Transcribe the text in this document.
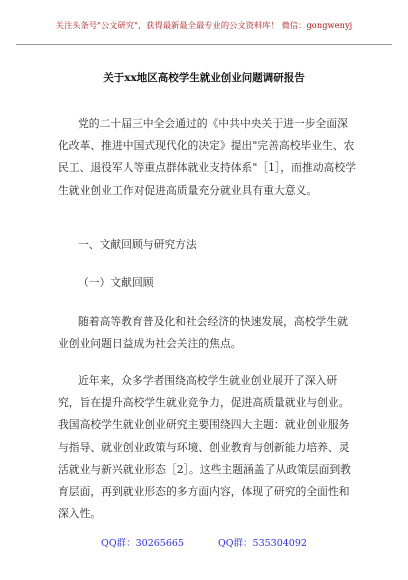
关注头条号"公文研究"，获得最新最全最专业的公文资料库！ 微信：gongwenyj
关于xx地区高校学生就业创业问题调研报告

党的二十届三中全会通过的《中共中央关于进一步全面深化改革、推进中国式现代化的决定》提出"完善高校毕业生、农民工、退役军人等重点群体就业支持体系"［1］，而推动高校学生就业创业工作对促进高质量充分就业具有重大意义。

一、文献回顾与研究方法

（一）文献回顾

随着高等教育普及化和社会经济的快速发展，高校学生就业创业问题日益成为社会关注的焦点。

近年来，众多学者围绕高校学生就业创业展开了深入研究，旨在提升高校学生就业竞争力，促进高质量就业与创业。我国高校学生就业创业研究主要围绕四大主题：就业创业服务与指导、就业创业政策与环境、创业教育与创新能力培养、灵活就业与新兴就业形态［2］。这些主题涵盖了从政策层面到教育层面，再到就业形态的多方面内容，体现了研究的全面性和深入性。

QQ群：30265665	QQ群：535304092
